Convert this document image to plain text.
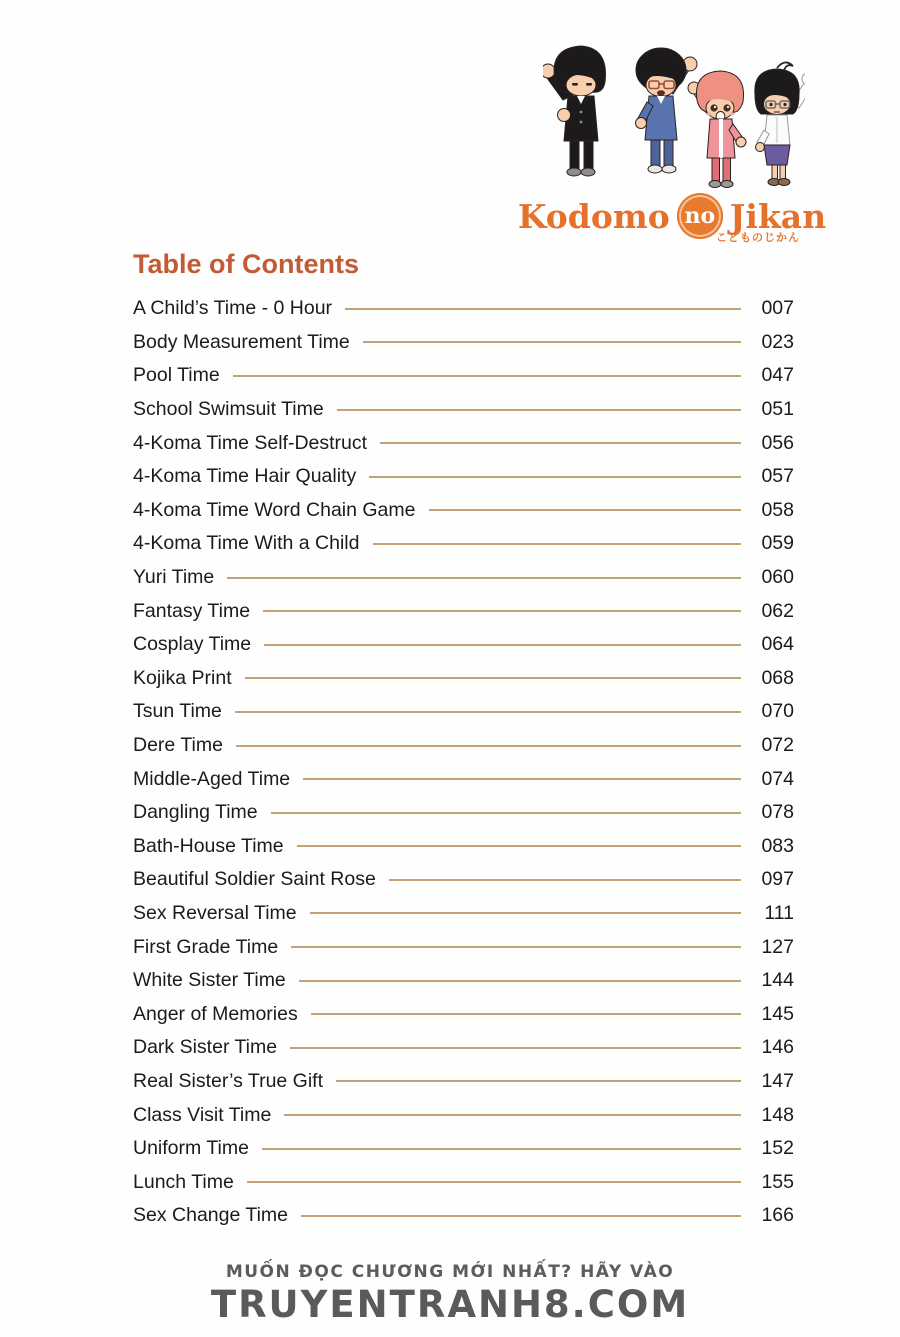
Kodomo no Jikan
こどものじかん
Table of Contents
A Child’s Time - 0 Hour	007
Body Measurement Time	023
Pool Time	047
School Swimsuit Time	051
4-Koma Time Self-Destruct	056
4-Koma Time Hair Quality	057
4-Koma Time Word Chain Game	058
4-Koma Time With a Child	059
Yuri Time	060
Fantasy Time	062
Cosplay Time	064
Kojika Print	068
Tsun Time	070
Dere Time	072
Middle-Aged Time	074
Dangling Time	078
Bath-House Time	083
Beautiful Soldier Saint Rose	097
Sex Reversal Time	111
First Grade Time	127
White Sister Time	144
Anger of Memories	145
Dark Sister Time	146
Real Sister’s True Gift	147
Class Visit Time	148
Uniform Time	152
Lunch Time	155
Sex Change Time	166
MUỐN ĐỌC CHƯƠNG MỚI NHẤT? HÃY VÀO
TRUYENTRANH8.COM
